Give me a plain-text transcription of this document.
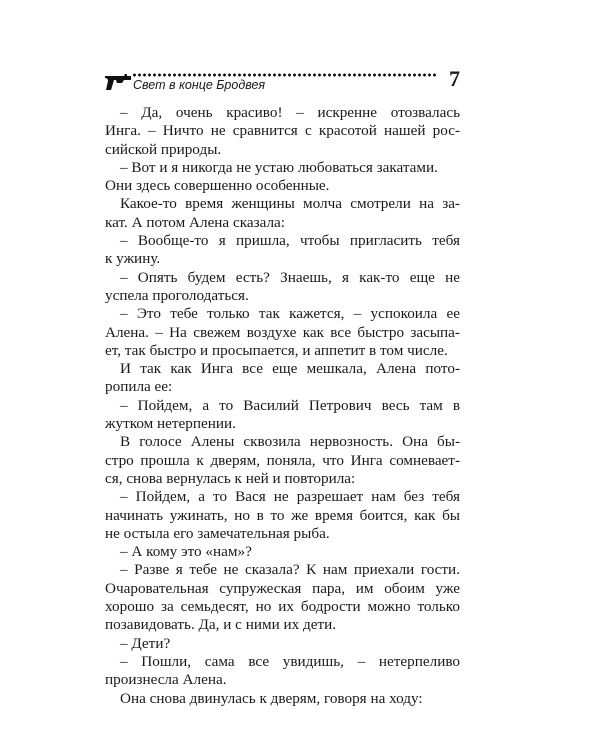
Свет в конце Бродвея	7

– Да, очень красиво! – искренне отозвалась

Инга. – Ничто не сравнится с красотой нашей рос-

сийской природы.

– Вот и я никогда не устаю любоваться закатами.

Они здесь совершенно особенные.

Какое-то время женщины молча смотрели на за-

кат. А потом Алена сказала:

– Вообще-то я пришла, чтобы пригласить тебя

к ужину.

– Опять будем есть? Знаешь, я как-то еще не

успела проголодаться.

– Это тебе только так кажется, – успокоила ее

Алена. – На свежем воздухе как все быстро засыпа-

ет, так быстро и просыпается, и аппетит в том числе.

И так как Инга все еще мешкала, Алена пото-

ропила ее:

– Пойдем, а то Василий Петрович весь там в

жутком нетерпении.

В голосе Алены сквозила нервозность. Она бы-

стро прошла к дверям, поняла, что Инга сомневает-

ся, снова вернулась к ней и повторила:

– Пойдем, а то Вася не разрешает нам без тебя

начинать ужинать, но в то же время боится, как бы

не остыла его замечательная рыба.

– А кому это «нам»?

– Разве я тебе не сказала? К нам приехали гости.

Очаровательная супружеская пара, им обоим уже

хорошо за семьдесят, но их бодрости можно только

позавидовать. Да, и с ними их дети.

– Дети?

– Пошли, сама все увидишь, – нетерпеливо

произнесла Алена.

Она снова двинулась к дверям, говоря на ходу:
